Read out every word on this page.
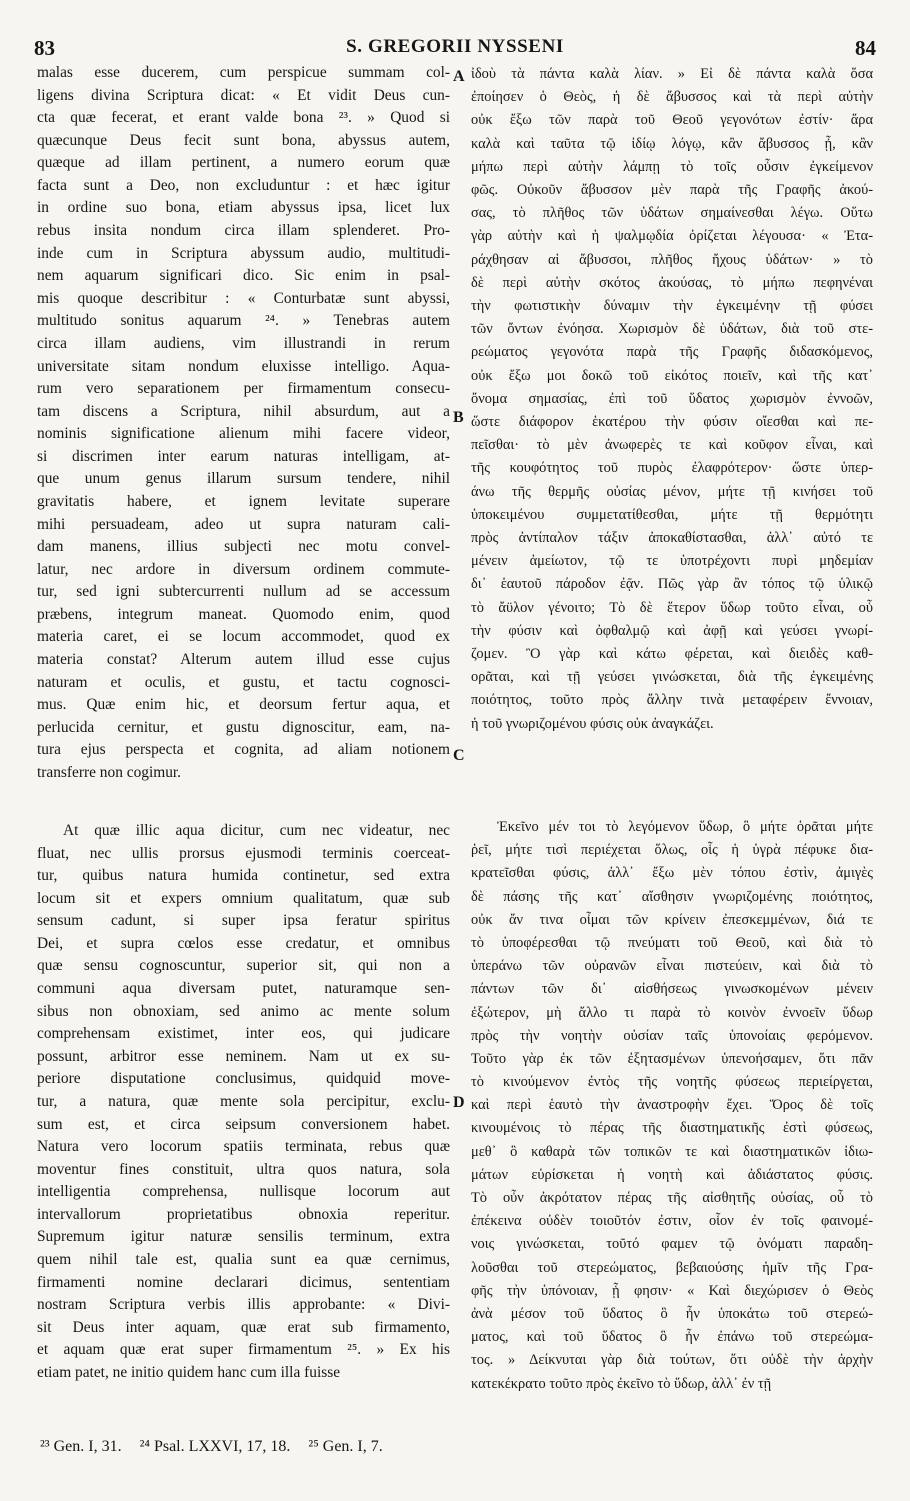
83	S. GREGORII NYSSENI	84
malas esse ducerem, cum perspicue summam col-
ligens divina Scriptura dicat: « Et vidit Deus cun-
cta quæ fecerat, et erant valde bona ²³. » Quod si
quæcunque Deus fecit sunt bona, abyssus autem,
quæque ad illam pertinent, a numero eorum quæ
facta sunt a Deo, non excluduntur : et hæc igitur
in ordine suo bona, etiam abyssus ipsa, licet lux
rebus insita nondum circa illam splenderet. Pro-
inde cum in Scriptura abyssum audio, multitudi-
nem aquarum significari dico. Sic enim in psal-
mis quoque describitur : « Conturbatæ sunt abyssi,
multitudo sonitus aquarum ²⁴. » Tenebras autem
circa illam audiens, vim illustrandi in rerum
universitate sitam nondum eluxisse intelligo. Aqua-
rum vero separationem per firmamentum consecu-
tam discens a Scriptura, nihil absurdum, aut a
nominis significatione alienum mihi facere videor,
si discrimen inter earum naturas intelligam, at-
que unum genus illarum sursum tendere, nihil
gravitatis habere, et ignem levitate superare
mihi persuadeam, adeo ut supra naturam cali-
dam manens, illius subjecti nec motu convel-
latur, nec ardore in diversum ordinem commute-
tur, sed igni subtercurrenti nullum ad se accessum
præbens, integrum maneat. Quomodo enim, quod
materia caret, ei se locum accommodet, quod ex
materia constat? Alterum autem illud esse cujus
naturam et oculis, et gustu, et tactu cognosci-
mus. Quæ enim hic, et deorsum fertur aqua, et
perlucida cernitur, et gustu dignoscitur, eam, na-
tura ejus perspecta et cognita, ad aliam notionem
transferre non cogimur.
At quæ illic aqua dicitur, cum nec videatur, nec
fluat, nec ullis prorsus ejusmodi terminis coerceat-
tur, quibus natura humida continetur, sed extra
locum sit et expers omnium qualitatum, quæ sub
sensum cadunt, si super ipsa feratur spiritus
Dei, et supra cœlos esse credatur, et omnibus
quæ sensu cognoscuntur, superior sit, qui non a
communi aqua diversam putet, naturamque sen-
sibus non obnoxiam, sed animo ac mente solum
comprehensam existimet, inter eos, qui judicare
possunt, arbitror esse neminem. Nam ut ex su-
periore disputatione conclusimus, quidquid move-
tur, a natura, quæ mente sola percipitur, exclu-
sum est, et circa seipsum conversionem habet.
Natura vero locorum spatiis terminata, rebus quæ
moventur fines constituit, ultra quos natura, sola
intelligentia comprehensa, nullisque locorum aut
intervallorum proprietatibus obnoxia reperitur.
Supremum igitur naturæ sensilis terminum, extra
quem nihil tale est, qualia sunt ea quæ cernimus,
firmamenti nomine declarari dicimus, sententiam
nostram Scriptura verbis illis approbante: « Divi-
sit Deus inter aquam, quæ erat sub firmamento,
et aquam quæ erat super firmamentum ²⁵. » Ex his
etiam patet, ne initio quidem hanc cum illa fuisse
ἰδοὺ τὰ πάντα καλὰ λίαν. » Εἰ δὲ πάντα καλὰ ὅσα
ἐποίησεν ὁ Θεὸς, ἡ δὲ ἄβυσσος καὶ τὰ περὶ αὐτὴν
οὐκ ἔξω τῶν παρὰ τοῦ Θεοῦ γεγονότων ἐστίν· ἄρα
καλὰ καὶ ταῦτα τῷ ἰδίῳ λόγῳ, κἂν ἄβυσσος ᾖ, κἂν
μήπω περὶ αὐτὴν λάμπῃ τὸ τοῖς οὖσιν ἐγκείμενον
φῶς. Οὐκοῦν ἄβυσσον μὲν παρὰ τῆς Γραφῆς ἀκού-
σας, τὸ πλῆθος τῶν ὑδάτων σημαίνεσθαι λέγω. Οὕτω
γὰρ αὐτὴν καὶ ἡ ψαλμῳδία ὁρίζεται λέγουσα· « Ἐτα-
ράχθησαν αἱ ἄβυσσοι, πλῆθος ἤχους ὑδάτων· » τὸ
δὲ περὶ αὐτὴν σκότος ἀκούσας, τὸ μήπω πεφηνέναι
τὴν φωτιστικὴν δύναμιν τὴν ἐγκειμένην τῇ φύσει
τῶν ὄντων ἐνόησα. Χωρισμὸν δὲ ὑδάτων, διὰ τοῦ στε-
ρεώματος γεγονότα παρὰ τῆς Γραφῆς διδασκόμενος,
οὐκ ἔξω μοι δοκῶ τοῦ εἰκότος ποιεῖν, καὶ τῆς κατ᾽
ὄνομα σημασίας, ἐπὶ τοῦ ὕδατος χωρισμὸν ἐννοῶν,
ὥστε διάφορον ἑκατέρου τὴν φύσιν οἴεσθαι καὶ πε-
πεῖσθαι· τὸ μὲν ἀνωφερὲς τε καὶ κοῦφον εἶναι, καὶ
τῆς κουφότητος τοῦ πυρὸς ἐλαφρότερον· ὥστε ὑπερ-
άνω τῆς θερμῆς οὐσίας μένον, μήτε τῇ κινήσει τοῦ
ὑποκειμένου συμμετατίθεσθαι, μήτε τῇ θερμότητι
πρὸς ἀντίπαλον τάξιν ἀποκαθίστασθαι, ἀλλ᾽ αὐτό τε
μένειν ἀμείωτον, τῷ τε ὑποτρέχοντι πυρὶ μηδεμίαν
δι᾽ ἑαυτοῦ πάροδον ἐᾷν. Πῶς γὰρ ἂν τόπος τῷ ὑλικῷ
τὸ ἄϋλον γένοιτο; Τὸ δὲ ἕτερον ὕδωρ τοῦτο εἶναι, οὗ
τὴν φύσιν καὶ ὀφθαλμῷ καὶ ἀφῇ καὶ γεύσει γνωρί-
ζομεν. Ὃ γὰρ καὶ κάτω φέρεται, καὶ διειδὲς καθ-
ορᾶται, καὶ τῇ γεύσει γινώσκεται, διὰ τῆς ἐγκειμένης
ποιότητος, τοῦτο πρὸς ἄλλην τινὰ μεταφέρειν ἔννοιαν,
ἡ τοῦ γνωριζομένου φύσις οὐκ ἀναγκάζει.
Ἐκεῖνο μέν τοι τὸ λεγόμενον ὕδωρ, ὃ μήτε ὁρᾶται μήτε
ῥεῖ, μήτε τισὶ περιέχεται ὅλως, οἷς ἡ ὑγρὰ πέφυκε δια-
κρατεῖσθαι φύσις, ἀλλ᾽ ἔξω μὲν τόπου ἐστὶν, ἀμιγὲς
δὲ πάσης τῆς κατ᾽ αἴσθησιν γνωριζομένης ποιότητος,
οὐκ ἄν τινα οἶμαι τῶν κρίνειν ἐπεσκεμμένων, διά τε
τὸ ὑποφέρεσθαι τῷ πνεύματι τοῦ Θεοῦ, καὶ διὰ τὸ
ὑπεράνω τῶν οὐρανῶν εἶναι πιστεύειν, καὶ διὰ τὸ
πάντων τῶν δι᾽ αἰσθήσεως γινωσκομένων μένειν
ἐξώτερον, μὴ ἄλλο τι παρὰ τὸ κοινὸν ἐννοεῖν ὕδωρ
πρὸς τὴν νοητὴν οὐσίαν ταῖς ὑπονοίαις φερόμενον.
Τοῦτο γὰρ ἐκ τῶν ἐξητασμένων ὑπενοήσαμεν, ὅτι πᾶν
τὸ κινούμενον ἐντὸς τῆς νοητῆς φύσεως περιείργεται,
καὶ περὶ ἑαυτὸ τὴν ἀναστροφὴν ἔχει. Ὅρος δὲ τοῖς
κινουμένοις τὸ πέρας τῆς διαστηματικῆς ἐστὶ φύσεως,
μεθ᾽ ὃ καθαρὰ τῶν τοπικῶν τε καὶ διαστηματικῶν ἰδιω-
μάτων εὑρίσκεται ἡ νοητὴ καὶ ἀδιάστατος φύσις.
Τὸ οὖν ἀκρότατον πέρας τῆς αἰσθητῆς οὐσίας, οὗ τὸ
ἐπέκεινα οὐδὲν τοιοῦτόν ἐστιν, οἷον ἐν τοῖς φαινομέ-
νοις γινώσκεται, τοῦτό φαμεν τῷ ὀνόματι παραδη-
λοῦσθαι τοῦ στερεώματος, βεβαιούσης ἡμῖν τῆς Γρα-
φῆς τὴν ὑπόνοιαν, ᾗ φησιν· « Καὶ διεχώρισεν ὁ Θεὸς
ἀνὰ μέσον τοῦ ὕδατος ὃ ἦν ὑποκάτω τοῦ στερεώ-
ματος, καὶ τοῦ ὕδατος ὃ ἦν ἐπάνω τοῦ στερεώμα-
τος. » Δείκνυται γὰρ διὰ τούτων, ὅτι οὐδὲ τὴν ἀρχὴν
κατεκέκρατο τοῦτο πρὸς ἐκεῖνο τὸ ὕδωρ, ἀλλ᾽ ἐν τῇ
A
B
C
D
²³ Gen. I, 31. ²⁴ Psal. LXXVI, 17, 18. ²⁵ Gen. I, 7.
